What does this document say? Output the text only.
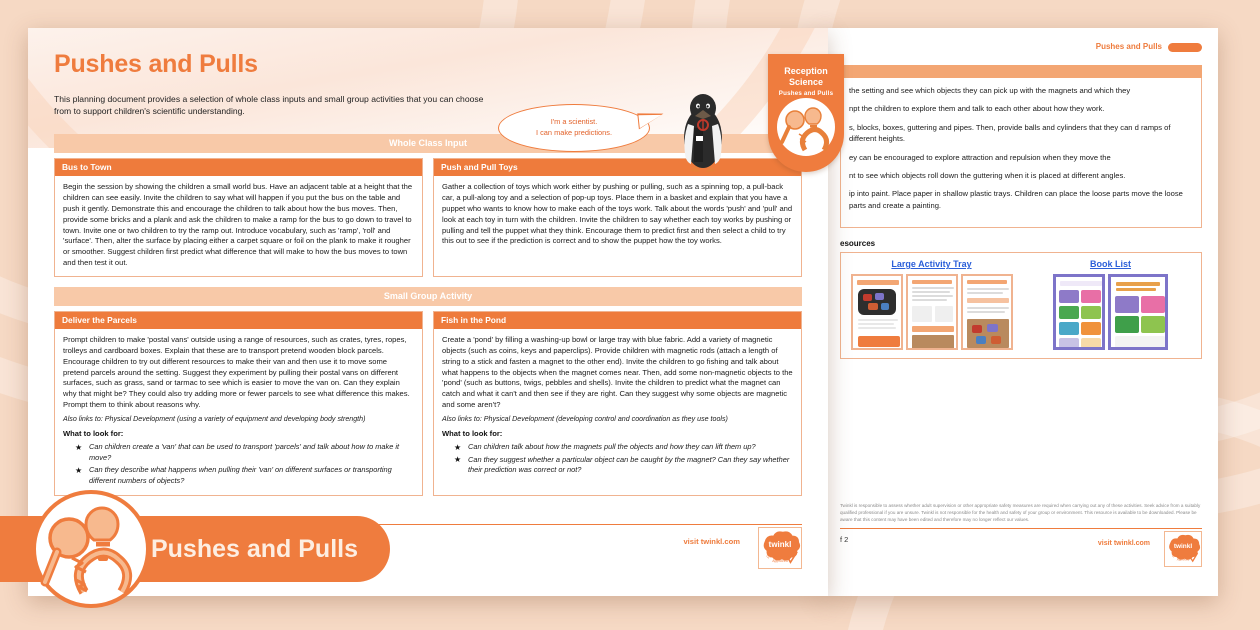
Pushes and Pulls

the setting and see which objects they can pick up with the magnets and which they

npt the children to explore them and talk to each other about how they work.

s, blocks, boxes, guttering and pipes. Then, provide balls and cylinders that they can d ramps of different heights.

ey can be encouraged to explore attraction and repulsion when they move the

nt to see which objects roll down the guttering when it is placed at different angles.

ip into paint. Place paper in shallow plastic trays. Children can place the loose parts move the loose parts and create a painting.

esources
Large Activity Tray	Book List
Twinkl is responsible to assess whether adult supervision or other appropriate safety measures are required when carrying out any of these activities. Seek advice from a suitably qualified professional if you are unsure. Twinkl is not responsible for the health and safety of your group or environment. This resource is available to be downloaded. Please be aware that this content may have been edited and therefore may no longer reflect our values.
f 2	visit twinkl.com	twinkl
Quality Standard
Approved
Pushes and Pulls

This planning document provides a selection of whole class inputs and small group activities that you can choose from to support children's scientific understanding.

I'm a scientist.
I can make predictions.
Reception
Science
Pushes and Pulls
Whole Class Input
Bus to Town

Begin the session by showing the children a small world bus. Have an adjacent table at a height that the children can see easily. Invite the children to say what will happen if you put the bus on the table and push it gently. Demonstrate this and encourage the children to talk about how the bus moves. Then, provide some bricks and a plank and ask the children to make a ramp for the bus to go down to travel to town. Invite one or two children to try the ramp out. Introduce vocabulary, such as 'ramp', 'roll' and 'surface'. Then, alter the surface by placing either a carpet square or foil on the plank to make it rougher or smoother. Suggest children first predict what difference that will make to how the bus moves to town and then test it out.

Push and Pull Toys

Gather a collection of toys which work either by pushing or pulling, such as a spinning top, a pull-back car, a pull-along toy and a selection of pop-up toys. Place them in a basket and explain that you have a puppet who wants to know how to make each of the toys work. Talk about the words 'push' and 'pull' and look at each toy in turn with the children. Invite the children to say whether each toy works by pushing or pulling and tell the puppet what they think. Encourage them to predict first and then select a child to try this out to see if the prediction is correct and to show the puppet how the toy works.

Small Group Activity
Deliver the Parcels

Prompt children to make 'postal vans' outside using a range of resources, such as crates, tyres, ropes, trolleys and cardboard boxes. Explain that these are to transport pretend wooden block parcels. Encourage children to try out different resources to make their van and then use it to move some pretend parcels around the setting. Suggest they experiment by pulling their postal vans on different surfaces, such as grass, sand or tarmac to see which is easier to move the van on. Can they explain why that might be? They could also try adding more or fewer parcels to see what difference this makes. Prompt them to think about reasons why.

Also links to: Physical Development (using a variety of equipment and developing body strength)
What to look for:
★ Can children create a 'van' that can be used to transport 'parcels' and talk about how to make it move?
★ Can they describe what happens when pulling their 'van' on different surfaces or transporting different numbers of objects?
Fish in the Pond

Create a 'pond' by filling a washing-up bowl or large tray with blue fabric. Add a variety of magnetic objects (such as coins, keys and paperclips). Provide children with magnetic rods (attach a length of string to a stick and fasten a magnet to the other end). Invite the children to go fishing and talk about what happens to the objects when the magnet comes near. Then, add some non-magnetic objects to the 'pond' (such as buttons, twigs, pebbles and shells). Invite the children to predict what the magnet can catch and what it can't and then see if they are right. Can they suggest why some objects are magnetic and some aren't?

Also links to: Physical Development (developing control and coordination as they use tools)
What to look for:
★ Can children talk about how the magnets pull the objects and how they can lift them up?
★ Can they suggest whether a particular object can be caught by the magnet? Can they say whether their prediction was correct or not?
visit twinkl.com	twinkl
Quality Standard
Approved
Pushes and Pulls
